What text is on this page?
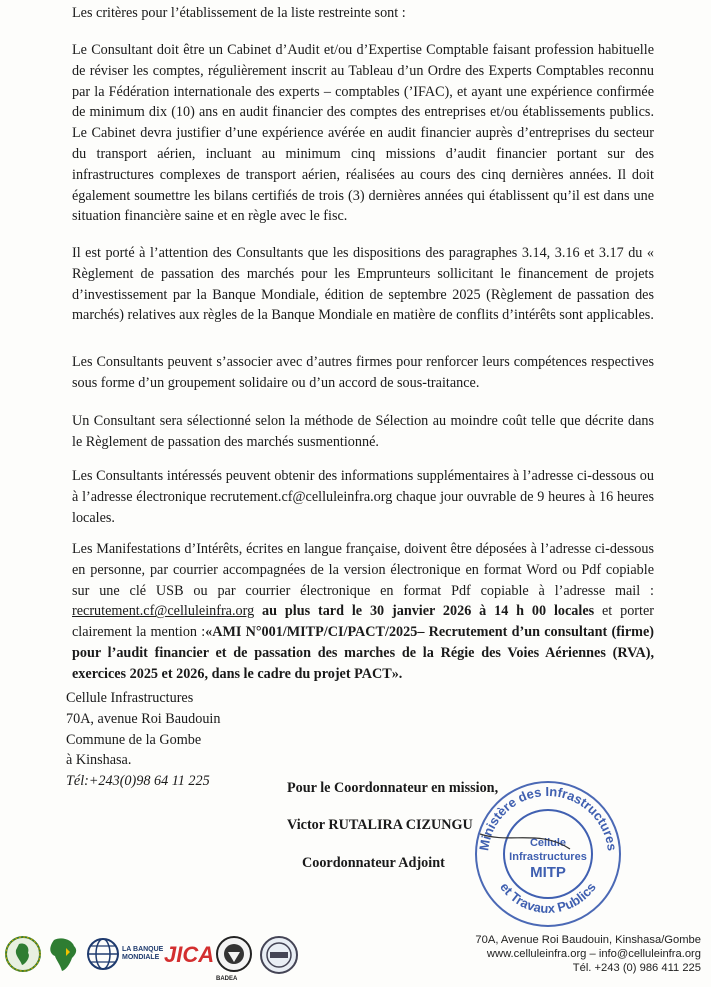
Les critères pour l’établissement de la liste restreinte sont :

Le Consultant doit être un Cabinet d’Audit et/ou d’Expertise Comptable faisant profession habituelle de réviser les comptes, régulièrement inscrit au Tableau d’un Ordre des Experts Comptables reconnu par la Fédération internationale des experts – comptables (’IFAC), et ayant une expérience confirmée de minimum dix (10) ans en audit financier des comptes des entreprises et/ou établissements publics. Le Cabinet devra justifier d’une expérience avérée en audit financier auprès d’entreprises du secteur du transport aérien, incluant au minimum cinq missions d’audit financier portant sur des infrastructures complexes de transport aérien, réalisées au cours des cinq dernières années. Il doit également soumettre les bilans certifiés de trois (3) dernières années qui établissent qu’il est dans une situation financière saine et en règle avec le fisc.

Il est porté à l’attention des Consultants que les dispositions des paragraphes 3.14, 3.16 et 3.17 du « Règlement de passation des marchés pour les Emprunteurs sollicitant le financement de projets d’investissement par la Banque Mondiale, édition de septembre 2025 (Règlement de passation des marchés) relatives aux règles de la Banque Mondiale en matière de conflits d’intérêts sont applicables.

Les Consultants peuvent s’associer avec d’autres firmes pour renforcer leurs compétences respectives sous forme d’un groupement solidaire ou d’un accord de sous-traitance.

Un Consultant sera sélectionné selon la méthode de Sélection au moindre coût telle que décrite dans le Règlement de passation des marchés susmentionné.

Les Consultants intéressés peuvent obtenir des informations supplémentaires à l’adresse ci-dessous ou à l’adresse électronique recrutement.cf@celluleinfra.org chaque jour ouvrable de 9 heures à 16 heures locales.

Les Manifestations d’Intérêts, écrites en langue française, doivent être déposées à l’adresse ci-dessous en personne, par courrier accompagnées de la version électronique en format Word ou Pdf copiable sur une clé USB ou par courrier électronique en format Pdf copiable à l’adresse mail : recrutement.cf@celluleinfra.org au plus tard le 30 janvier 2026 à 14 h 00 locales et porter clairement la mention :«AMI N°001/MITP/CI/PACT/2025– Recrutement d’un consultant (firme) pour l’audit financier et de passation des marches de la Régie des Voies Aériennes (RVA), exercices 2025 et 2026, dans le cadre du projet PACT».

Cellule Infrastructures
70A, avenue Roi Baudouin
Commune de la Gombe
à Kinshasa.
Tél:+243(0)98 64 11 225	Pour le Coordonnateur en mission,
Victor RUTALIRA CIZUNGU
Coordonnateur Adjoint
Ministère des Infrastructures
et Travaux Publics
Cellule
Infrastructures
MITP
LA BANQUE
MONDIALE JICA
BADEA
70A, Avenue Roi Baudouin, Kinshasa/Gombe
www.celluleinfra.org – info@celluleinfra.org
Tél. +243 (0) 986 411 225
